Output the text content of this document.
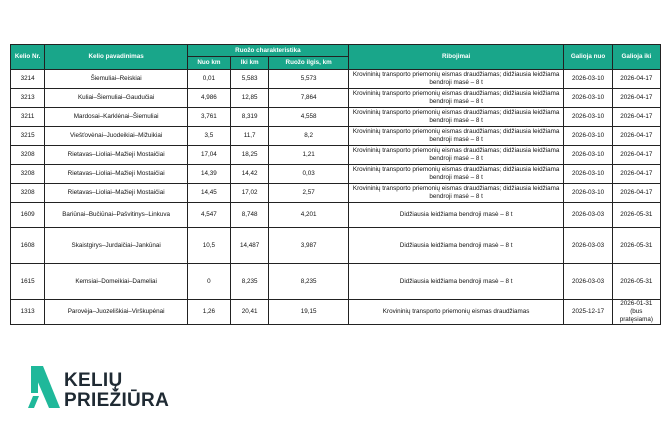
Kelio Nr.	Kelio pavadinimas	Ruožo charakteristika			Ribojimai	Galioja nuo	Galioja iki
		Nuo km	Iki km	Ruožo ilgis, km			
3214	Šiemuliai–Reiskiai	0,01	5,583	5,573	Krovininių transporto priemonių eismas draudžiamas; didžiausia leidžiama bendroji masė – 8 t	2026-03-10	2026-04-17
3213	Kuliai–Šiemuliai–Gaudučiai	4,986	12,85	7,864	Krovininių transporto priemonių eismas draudžiamas; didžiausia leidžiama bendroji masė – 8 t	2026-03-10	2026-04-17
3211	Mardosai–Karklėnai–Šiemuliai	3,761	8,319	4,558	Krovininių transporto priemonių eismas draudžiamas; didžiausia leidžiama bendroji masė – 8 t	2026-03-10	2026-04-17
3215	Viešťovėnai–Juodeikiai–Mižuikiai	3,5	11,7	8,2	Krovininių transporto priemonių eismas draudžiamas; didžiausia leidžiama bendroji masė – 8 t	2026-03-10	2026-04-17
3208	Rietavas–Lioliai–Mažieji Mostaičiai	17,04	18,25	1,21	Krovininių transporto priemonių eismas draudžiamas; didžiausia leidžiama bendroji masė – 8 t	2026-03-10	2026-04-17
3208	Rietavas–Lioliai–Mažieji Mostaičiai	14,39	14,42	0,03	Krovininių transporto priemonių eismas draudžiamas; didžiausia leidžiama bendroji masė – 8 t	2026-03-10	2026-04-17
3208	Rietavas–Lioliai–Mažieji Mostaičiai	14,45	17,02	2,57	Krovininių transporto priemonių eismas draudžiamas; didžiausia leidžiama bendroji masė – 8 t	2026-03-10	2026-04-17
1609	Bariūnai–Bučiūnai–Pašvitinys–Linkuva	4,547	8,748	4,201	Didžiausia leidžiama bendroji masė – 8 t	2026-03-03	2026-05-31
1608	Skaistgirys–Jurdaičiai–Jankūnai	10,5	14,487	3,987	Didžiausia leidžiama bendroji masė – 8 t	2026-03-03	2026-05-31
1615	Kemsiai–Domeikiai–Dameliai	0	8,235	8,235	Didžiausia leidžiama bendroji masė – 8 t	2026-03-03	2026-05-31
1313	Parovėja–Juozeliškiai–Virškupėnai	1,26	20,41	19,15	Krovininių transporto priemonių eismas draudžiamas	2025-12-17	2026-01-31 (bus pratęsiama)
KELIŲ
PRIEŽIŪRA
